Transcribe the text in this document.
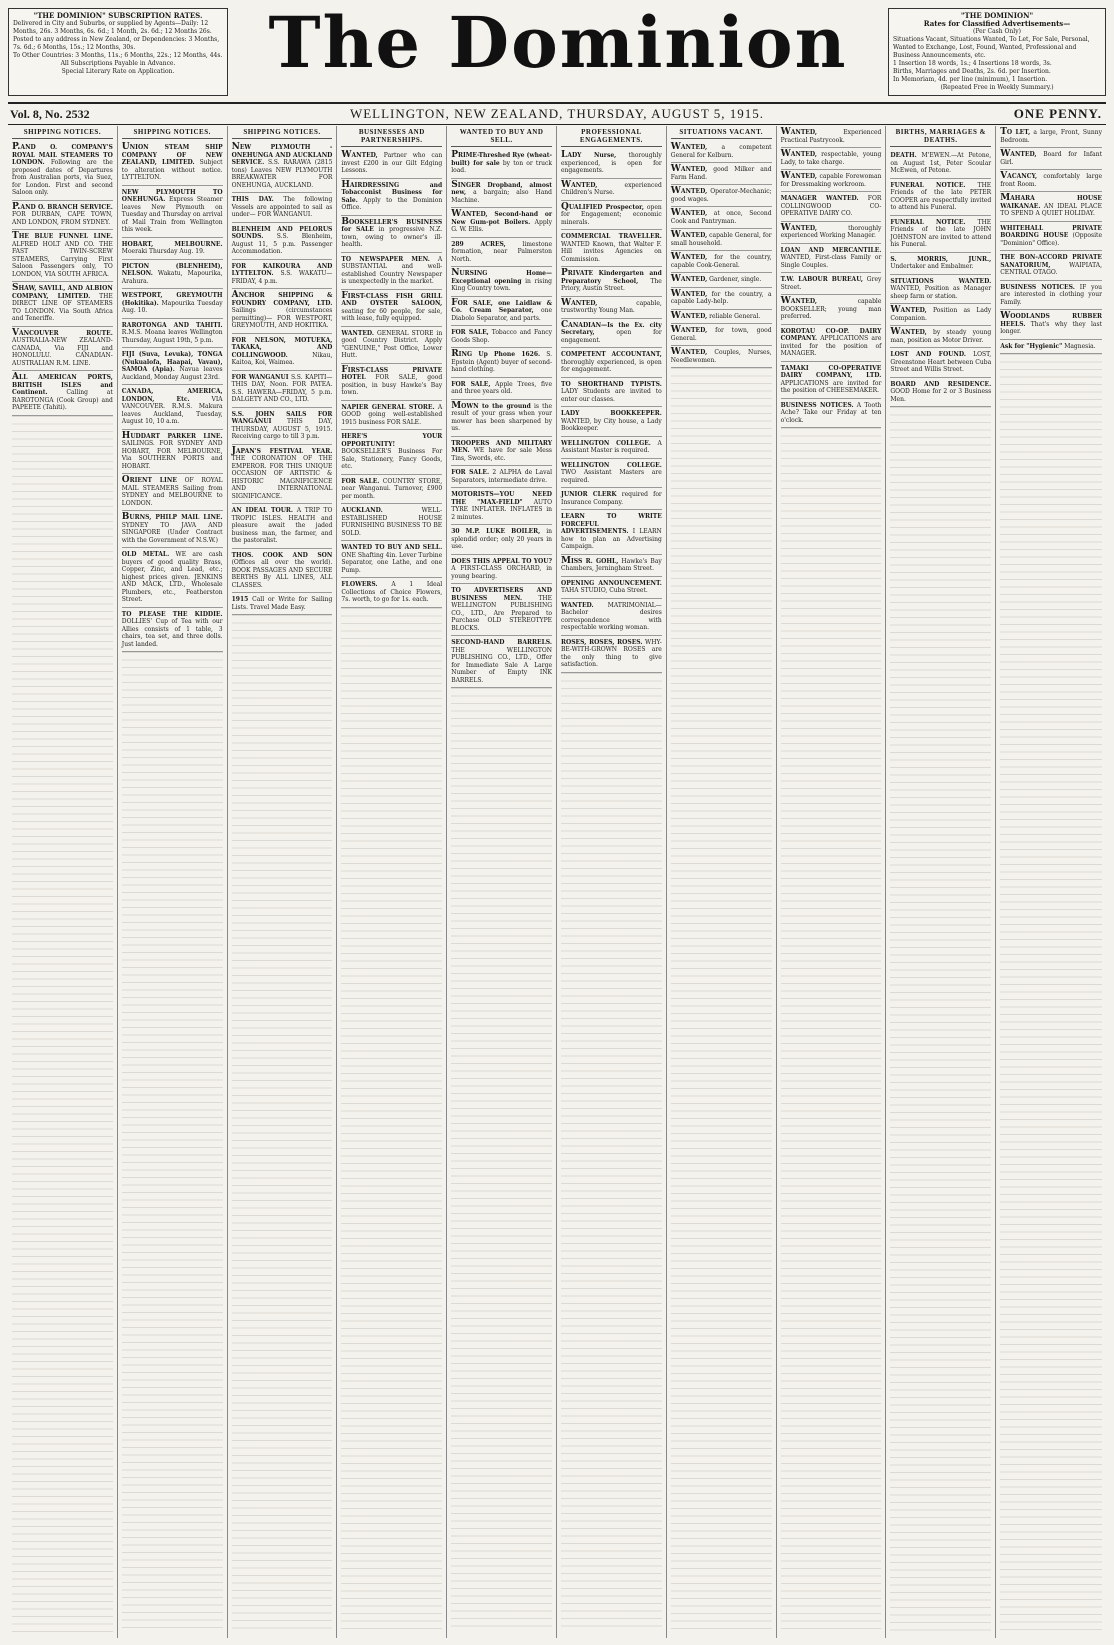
"THE DOMINION" SUBSCRIPTION RATES.

Delivered in City and Suburbs, or supplied by Agents—Daily: 12 Months, 26s. 3 Months, 6s. 6d.; 1 Month, 2s. 6d.; 12 Months 26s.

Posted to any address in New Zealand, or Dependencies: 3 Months, 7s. 6d.; 6 Months, 15s.; 12 Months, 30s.

To Other Countries: 3 Months, 11s.; 6 Months, 22s.; 12 Months, 44s.

All Subscriptions Payable in Advance.

Special Literary Rate on Application.	The Dominion	"THE DOMINION"

Rates for Classified Advertisements—

(Per Cash Only)

Situations Vacant, Situations Wanted, To Let, For Sale, Personal, Wanted to Exchange, Lost, Found, Wanted, Professional and Business Announcements, etc.

1 Insertion 18 words, 1s.; 4 Insertions 18 words, 3s.

Births, Marriages and Deaths, 2s. 6d. per Insertion.

In Memoriam, 4d. per line (minimum), 1 Insertion.

(Repeated Free in Weekly Summary.)

Vol. 8, No. 2532	WELLINGTON, NEW ZEALAND, THURSDAY, AUGUST 5, 1915.	ONE PENNY.
SHIPPING NOTICES.

P.AND O. COMPANY'S ROYAL MAIL STEAMERS TO LONDON. Following are the proposed dates of Departures from Australian ports, via Suez, for London. First and second Saloon only.

P.AND O. BRANCH SERVICE. FOR DURBAN, CAPE TOWN, AND LONDON, FROM SYDNEY.

THE BLUE FUNNEL LINE. ALFRED HOLT AND CO. THE FAST TWIN-SCREW STEAMERS, Carrying First Saloon Passengers only, TO LONDON, VIA SOUTH AFRICA.

SHAW, SAVILL, AND ALBION COMPANY, LIMITED. THE DIRECT LINE OF STEAMERS TO LONDON. Via South Africa and Teneriffe.

VANCOUVER ROUTE. AUSTRALIA-NEW ZEALAND-CANADA, Via FIJI and HONOLULU. CANADIAN-AUSTRALIAN R.M. LINE.

ALL AMERICAN PORTS, BRITISH ISLES and Continent. Calling at RAROTONGA (Cook Group) and PAPEETE (Tahiti).

SHIPPING NOTICES.

UNION STEAM SHIP COMPANY OF NEW ZEALAND, LIMITED. Subject to alteration without notice. LYTTELTON.

NEW PLYMOUTH TO ONEHUNGA. Express Steamer leaves New Plymouth on Tuesday and Thursday on arrival of Mail Train from Wellington this week.

HOBART, MELBOURNE. Moeraki Thursday Aug. 19.

PICTON (BLENHEIM), NELSON. Wakatu, Mapourika, Arahura.

WESTPORT, GREYMOUTH (Hokitika). Mapourika Tuesday Aug. 10.

RAROTONGA AND TAHITI. R.M.S. Moana leaves Wellington Thursday, August 19th, 5 p.m.

FIJI (Suva, Levuka), TONGA (Nukualofa, Haapai, Vavau), SAMOA (Apia). Navua leaves Auckland, Monday August 23rd.

CANADA, AMERICA, LONDON, Etc. VIA VANCOUVER. R.M.S. Makura leaves Auckland, Tuesday, August 10, 10 a.m.

HUDDART PARKER LINE. SAILINGS. FOR SYDNEY AND HOBART, FOR MELBOURNE, Via SOUTHERN PORTS and HOBART.

ORIENT LINE OF ROYAL MAIL STEAMERS Sailing from SYDNEY and MELBOURNE to LONDON.

BURNS, PHILP MAIL LINE. SYDNEY TO JAVA AND SINGAPORE (Under Contract with the Government of N.S.W.)

OLD METAL. WE are cash buyers of good quality Brass, Copper, Zinc, and Lead, etc.; highest prices given. JENKINS AND MACK, LTD., Wholesale Plumbers, etc., Featherston Street.

TO PLEASE THE KIDDIE. DOLLIES' Cup of Tea with our Allies consists of 1 table, 3 chairs, tea set, and three dolls. Just landed.

SHIPPING NOTICES.

NEW PLYMOUTH - ONEHUNGA AND AUCKLAND SERVICE. S.S. RARAWA (2815 tons) Leaves NEW PLYMOUTH BREAKWATER FOR ONEHUNGA, AUCKLAND.

THIS DAY. The following Vessels are appointed to sail as under— FOR WANGANUI.

BLENHEIM AND PELORUS SOUNDS. S.S. Blenheim, August 11, 5 p.m. Passenger Accommodation.

FOR KAIKOURA AND LYTTELTON. S.S. WAKATU—FRIDAY, 4 p.m.

ANCHOR SHIPPING & FOUNDRY COMPANY, LTD. Sailings (circumstances permitting)— FOR WESTPORT, GREYMOUTH, AND HOKITIKA.

FOR NELSON, MOTUEKA, TAKAKA, AND COLLINGWOOD. Nikau, Kaitoa, Koi, Waimea.

FOR WANGANUI S.S. KAPITI—THIS DAY, Noon. FOR PATEA. S.S. HAWERA—FRIDAY, 5 p.m. DALGETY AND CO., LTD.

S.S. JOHN SAILS FOR WANGANUI THIS DAY, THURSDAY, AUGUST 5, 1915. Receiving cargo to till 3 p.m.

JAPAN'S FESTIVAL YEAR. THE CORONATION OF THE EMPEROR. FOR THIS UNIQUE OCCASION OF ARTISTIC & HISTORIC MAGNIFICENCE AND INTERNATIONAL SIGNIFICANCE.

AN IDEAL TOUR. A TRIP TO TROPIC ISLES. HEALTH and pleasure await the jaded business man, the farmer, and the pastoralist.

THOS. COOK AND SON (Offices all over the world). BOOK PASSAGES AND SECURE BERTHS By ALL LINES, ALL CLASSES.

1915 Call or Write for Sailing Lists. Travel Made Easy.

BUSINESSES AND PARTNERSHIPS.

WANTED, Partner who can invest £200 in our Gilt Edging Lessons.

HAIRDRESSING and Tobacconist Business for Sale. Apply to the Dominion Office.

BOOKSELLER'S BUSINESS for SALE in progressive N.Z. town, owing to owner's ill-health.

TO NEWSPAPER MEN. A SUBSTANTIAL and well-established Country Newspaper is unexpectedly in the market.

FIRST-CLASS FISH GRILL AND OYSTER SALOON, seating for 60 people, for sale, with lease, fully equipped.

WANTED. GENERAL STORE in good Country District. Apply "GENUINE," Post Office, Lower Hutt.

FIRST-CLASS PRIVATE HOTEL FOR SALE, good position, in busy Hawke's Bay town.

NAPIER GENERAL STORE. A GOOD going well-established 1915 business FOR SALE.

HERE'S YOUR OPPORTUNITY! BOOKSELLER'S Business For Sale, Stationery, Fancy Goods, etc.

FOR SALE. COUNTRY STORE, near Wanganui. Turnover, £900 per month.

AUCKLAND. WELL-ESTABLISHED HOUSE FURNISHING BUSINESS TO BE SOLD.

WANTED TO BUY AND SELL. ONE Shafting 4in. Lever Turbine Separator, one Lathe, and one Pump.

FLOWERS. A 1 Ideal Collections of Choice Flowers, 7s. worth, to go for 1s. each.

WANTED TO BUY AND SELL.

PRIME-Threshed Rye (wheat-built) for sale by ton or truck load.

SINGER Dropband, almost new, a bargain; also Hand Machine.

WANTED, Second-hand or New Gum-pot Boilers. Apply G. W. Ellis.

289 ACRES, limestone formation, near Palmerston North.

NURSING Home—Exceptional opening in rising King Country town.

FOR SALE, one Laidlaw & Co. Cream Separator, one Diabolo Separator, and parts.

FOR SALE, Tobacco and Fancy Goods Shop.

RING Up Phone 1626. S. Epstein (Agent) buyer of second-hand clothing.

FOR SALE, Apple Trees, five and three years old.

MOWN to the ground is the result of your grass when your mower has been sharpened by us.

TROOPERS AND MILITARY MEN. WE have for sale Mess Tins, Swords, etc.

FOR SALE. 2 ALPHA de Laval Separators, intermediate drive.

MOTORISTS—YOU NEED THE "MAX-FIELD" AUTO TYRE INFLATER. INFLATES in 2 minutes.

30 M.P. LUKE BOILER, in splendid order; only 20 years in use.

DOES THIS APPEAL TO YOU? A FIRST-CLASS ORCHARD, in young bearing.

TO ADVERTISERS AND BUSINESS MEN. THE WELLINGTON PUBLISHING CO., LTD., Are Prepared to Purchase OLD STEREOTYPE BLOCKS.

SECOND-HAND BARRELS. THE WELLINGTON PUBLISHING CO., LTD., Offer for Immediate Sale A Large Number of Empty INK BARRELS.

PROFESSIONAL ENGAGEMENTS.

LADY Nurse, thoroughly experienced, is open for engagements.

WANTED, experienced Children's Nurse.

QUALIFIED Prospector, open for Engagement; economic minerals.

COMMERCIAL TRAVELLER. WANTED Known, that Walter F. Hill invites Agencies on Commission.

PRIVATE Kindergarten and Preparatory School, The Priory, Austin Street.

WANTED, capable, trustworthy Young Man.

CANADIAN—Is the Ex. city Secretary, open for engagement.

COMPETENT ACCOUNTANT, thoroughly experienced, is open for engagement.

TO SHORTHAND TYPISTS. LADY Students are invited to enter our classes.

LADY BOOKKEEPER. WANTED, by City house, a Lady Bookkeeper.

WELLINGTON COLLEGE. A Assistant Master is required.

WELLINGTON COLLEGE. TWO Assistant Masters are required.

JUNIOR CLERK required for Insurance Company.

LEARN TO WRITE FORCEFUL ADVERTISEMENTS. I LEARN how to plan an Advertising Campaign.

MISS R. GOHL, Hawke's Bay Chambers, Jerningham Street.

OPENING ANNOUNCEMENT. TAHA STUDIO, Cuba Street.

WANTED. MATRIMONIAL—Bachelor desires correspondence with respectable working woman.

ROSES, ROSES, ROSES. WHY-BE-WITH-GROWN ROSES are the only thing to give satisfaction.

SITUATIONS VACANT.

WANTED, a competent General for Kelburn.

WANTED, good Milker and Farm Hand.

WANTED, Operator-Mechanic; good wages.

WANTED, at once, Second Cook and Pantryman.

WANTED, capable General, for small household.

WANTED, for the country, capable Cook-General.

WANTED, Gardener, single.

WANTED, for the country, a capable Lady-help.

WANTED, reliable General.

WANTED, for town, good General.

WANTED, Couples, Nurses, Needlewomen.

WANTED, Experienced Practical Pastrycook.

WANTED, respectable, young Lady, to take charge.

WANTED, capable Forewoman for Dressmaking workroom.

MANAGER WANTED. FOR COLLINGWOOD CO-OPERATIVE DAIRY CO.

WANTED, thoroughly experienced Working Manager.

LOAN AND MERCANTILE. WANTED, First-class Family or Single Couples.

T.W. LABOUR BUREAU, Grey Street.

WANTED, capable BOOKSELLER; young man preferred.

KOROTAU CO-OP. DAIRY COMPANY. APPLICATIONS are invited for the position of MANAGER.

TAMAKI CO-OPERATIVE DAIRY COMPANY, LTD. APPLICATIONS are invited for the position of CHEESEMAKER.

BUSINESS NOTICES. A Tooth Ache? Take our Friday at ten o'clock.

BIRTHS, MARRIAGES & DEATHS.

DEATH. M'EWEN.—At Petone, on August 1st, Peter Scoular McEwen, of Petone.

FUNERAL NOTICE. THE Friends of the late PETER COOPER are respectfully invited to attend his Funeral.

FUNERAL NOTICE. THE Friends of the late JOHN JOHNSTON are invited to attend his Funeral.

S. MORRIS, JUNR., Undertaker and Embalmer.

SITUATIONS WANTED. WANTED, Position as Manager sheep farm or station.

WANTED, Position as Lady Companion.

WANTED, by steady young man, position as Motor Driver.

LOST AND FOUND. LOST, Greenstone Heart between Cuba Street and Willis Street.

BOARD AND RESIDENCE. GOOD Home for 2 or 3 Business Men.

TO LET, a large, Front, Sunny Bedroom.

WANTED, Board for Infant Girl.

VACANCY, comfortably large front Room.

MAHARA HOUSE WAIKANAE. AN IDEAL PLACE TO SPEND A QUIET HOLIDAY.

WHITEHALL PRIVATE BOARDING HOUSE (Opposite "Dominion" Office).

THE BON-ACCORD PRIVATE SANATORIUM, WAIPIATA, CENTRAL OTAGO.

BUSINESS NOTICES. IF you are interested in clothing your Family.

WOODLANDS RUBBER HEELS. That's why they last longer.

Ask for "Hygienic" Magnesia.
